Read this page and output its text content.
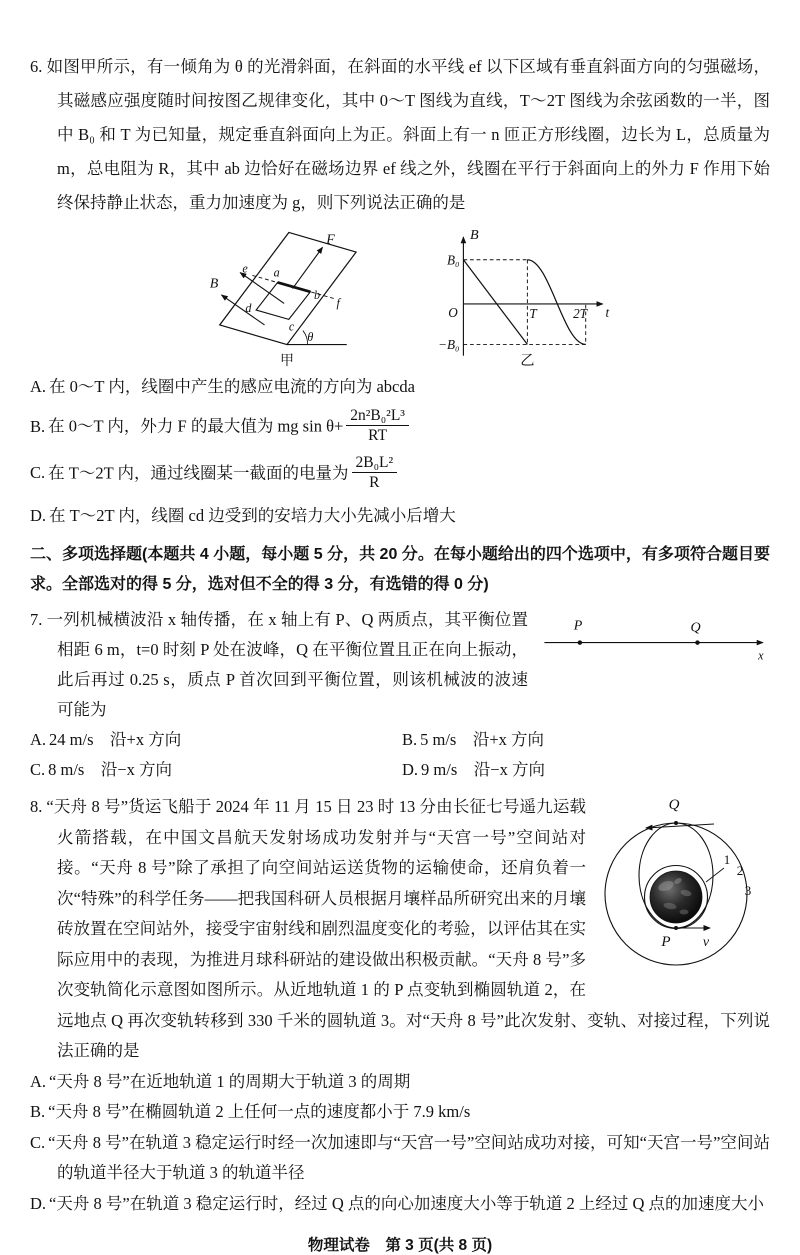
6. 如图甲所示，有一倾角为 θ 的光滑斜面，在斜面的水平线 ef 以下区域有垂直斜面方向的匀强磁场，其磁感应强度随时间按图乙规律变化，其中 0～T 图线为直线，T～2T 图线为余弦函数的一半，图中 B₀ 和 T 为已知量，规定垂直斜面向上为正。斜面上有一 n 匝正方形线圈，边长为 L，总质量为 m，总电阻为 R，其中 ab 边恰好在磁场边界 ef 线之外，线圈在平行于斜面向上的外力 F 作用下始终保持静止状态，重力加速度为 g，则下列说法正确的是

B
F
e a
b
f
d
c
θ
甲
B
B₀
−B₀
O	T	2T t
乙

A. 在 0～T 内，线圈中产生的感应电流的方向为 abcda

B. 在 0～T 内，外力 F 的最大值为 mg $\sin \theta+ \frac{\text{2n²B₀²L³}}{RT}$

C. 在 T～2T 内，通过线圈某一截面的电量为 $\frac{\text{2B₀L²}}{R}$

D. 在 T～2T 内，线圈 cd 边受到的安培力大小先减小后增大

二、多项选择题(本题共 4 小题，每小题 5 分，共 20 分。在每小题给出的四个选项中，有多项符合题目要求。全部选对的得 5 分，选对但不全的得 3 分，有选错的得 0 分)

P	Q
x

7. 一列机械横波沿 x 轴传播，在 x 轴上有 P、Q 两质点，其平衡位置相距 6 m，t=0 时刻 P 处在波峰，Q 在平衡位置且正在向上振动，此后再过 0.25 s，质点 P 首次回到平衡位置，则该机械波的波速可能为

A. 24 m/s　沿+x 方向	B. 5 m/s　沿+x 方向

C. 8 m/s　沿−x 方向	D. 9 m/s　沿−x 方向

Q
1
2
3
P v

8. “天舟 8 号”货运飞船于 2024 年 11 月 15 日 23 时 13 分由长征七号遥九运载火箭搭载，在中国文昌航天发射场成功发射并与“天宫一号”空间站对接。“天舟 8 号”除了承担了向空间站运送货物的运输使命，还肩负着一次“特殊”的科学任务——把我国科研人员根据月壤样品所研究出来的月壤砖放置在空间站外，接受宇宙射线和剧烈温度变化的考验，以评估其在实际应用中的表现，为推进月球科研站的建设做出积极贡献。“天舟 8 号”多次变轨简化示意图如图所示。从近地轨道 1 的 P 点变轨到椭圆轨道 2，在远地点 Q 再次变轨转移到 330 千米的圆轨道 3。对“天舟 8 号”此次发射、变轨、对接过程，下列说法正确的是

A. “天舟 8 号”在近地轨道 1 的周期大于轨道 3 的周期

B. “天舟 8 号”在椭圆轨道 2 上任何一点的速度都小于 7.9 km/s

C. “天舟 8 号”在轨道 3 稳定运行时经一次加速即与“天宫一号”空间站成功对接，可知“天宫一号”空间站的轨道半径大于轨道 3 的轨道半径

D. “天舟 8 号”在轨道 3 稳定运行时，经过 Q 点的向心加速度大小等于轨道 2 上经过 Q 点的加速度大小

物理试卷　第 3 页(共 8 页)
